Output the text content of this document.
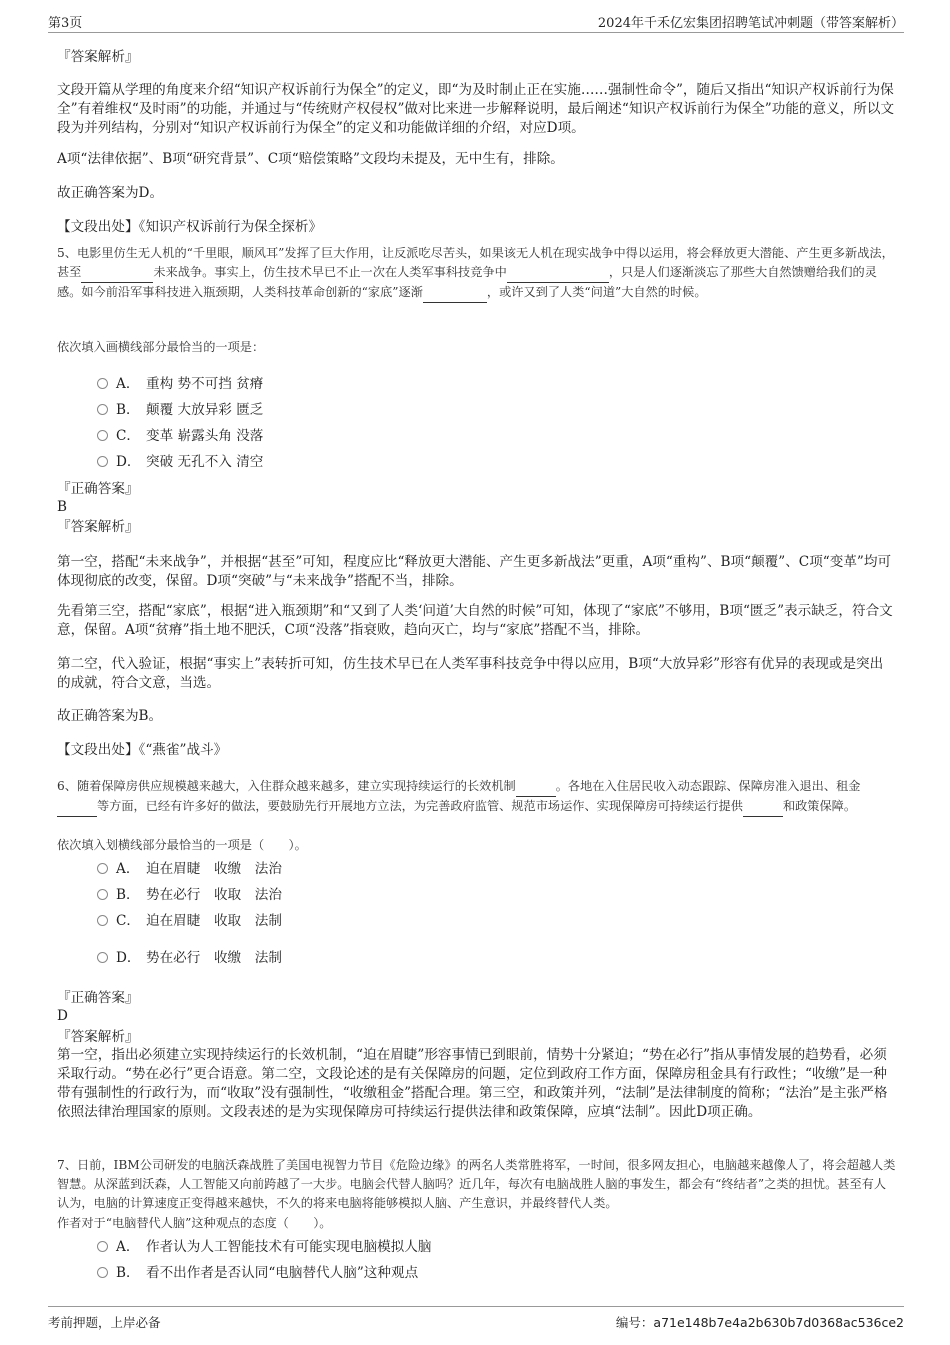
第3页	2024年千禾亿宏集团招聘笔试冲刺题（带答案解析）

『答案解析』

文段开篇从学理的角度来介绍“知识产权诉前行为保全”的定义，即“为及时制止正在实施……强制性命令”，随后又指出“知识产权诉前行为保全”有着维权“及时雨”的功能，并通过与“传统财产权侵权”做对比来进一步解释说明，最后阐述“知识产权诉前行为保全”功能的意义，所以文段为并列结构，分别对“知识产权诉前行为保全”的定义和功能做详细的介绍，对应D项。

A项“法律依据”、B项“研究背景”、C项“赔偿策略”文段均未提及，无中生有，排除。

故正确答案为D。

【文段出处】《知识产权诉前行为保全探析》

5、电影里仿生无人机的“千里眼，顺风耳”发挥了巨大作用，让反派吃尽苦头，如果该无人机在现实战争中得以运用，将会释放更大潜能、产生更多新战法，甚至	未来战争。事实上，仿生技术早已不止一次在人类军事科技竞争中	，只是人们逐渐淡忘了那些大自然馈赠给我们的灵感。如今前沿军事科技进入瓶颈期，人类科技革命创新的“家底”逐渐	，或许又到了人类“问道”大自然的时候。

依次填入画横线部分最恰当的一项是：

A． 重构 势不可挡 贫瘠
B． 颠覆 大放异彩 匮乏
C． 变革 崭露头角 没落
D． 突破 无孔不入 清空

『正确答案』

B

『答案解析』

第一空，搭配“未来战争”，并根据“甚至”可知，程度应比“释放更大潜能、产生更多新战法”更重，A项“重构”、B项“颠覆”、C项“变革”均可体现彻底的改变，保留。D项“突破”与“未来战争”搭配不当，排除。

先看第三空，搭配“家底”，根据“进入瓶颈期”和“又到了人类‘问道’大自然的时候”可知，体现了“家底”不够用，B项“匮乏”表示缺乏，符合文意，保留。A项“贫瘠”指土地不肥沃，C项“没落”指衰败，趋向灭亡，均与“家底”搭配不当，排除。

第二空，代入验证，根据“事实上”表转折可知，仿生技术早已在人类军事科技竞争中得以应用，B项“大放异彩”形容有优异的表现或是突出的成就，符合文意，当选。

故正确答案为B。

【文段出处】《“燕雀”战斗》

6、随着保障房供应规模越来越大，入住群众越来越多，建立实现持续运行的长效机制	。各地在入住居民收入动态跟踪、保障房准入退出、租金 等方面，已经有许多好的做法，要鼓励先行开展地方立法，为完善政府监管、规范市场运作、实现保障房可持续运行提供	和政策保障。

依次填入划横线部分最恰当的一项是（　　）。

A． 迫在眉睫　收缴　法治
B． 势在必行　收取　法治
C． 迫在眉睫　收取　法制
D． 势在必行　收缴　法制

『正确答案』

D

『答案解析』

第一空，指出必须建立实现持续运行的长效机制，“迫在眉睫”形容事情已到眼前，情势十分紧迫；“势在必行”指从事情发展的趋势看，必须采取行动。“势在必行”更合语意。第二空，文段论述的是有关保障房的问题，定位到政府工作方面，保障房租金具有行政性；“收缴”是一种带有强制性的行政行为，而“收取”没有强制性，“收缴租金”搭配合理。第三空，和政策并列，“法制”是法律制度的简称；“法治”是主张严格依照法律治理国家的原则。文段表述的是为实现保障房可持续运行提供法律和政策保障，应填“法制”。因此D项正确。

7、日前，IBM公司研发的电脑沃森战胜了美国电视智力节目《危险边缘》的两名人类常胜将军，一时间，很多网友担心，电脑越来越像人了，将会超越人类智慧。从深蓝到沃森，人工智能又向前跨越了一大步。电脑会代替人脑吗？近几年，每次有电脑战胜人脑的事发生，都会有“终结者”之类的担忧。甚至有人认为，电脑的计算速度正变得越来越快，不久的将来电脑将能够模拟人脑、产生意识，并最终替代人类。

作者对于“电脑替代人脑”这种观点的态度（　　）。

A． 作者认为人工智能技术有可能实现电脑模拟人脑
B． 看不出作者是否认同“电脑替代人脑”这种观点
考前押题，上岸必备	编号：a71e148b7e4a2b630b7d0368ac536ce2
